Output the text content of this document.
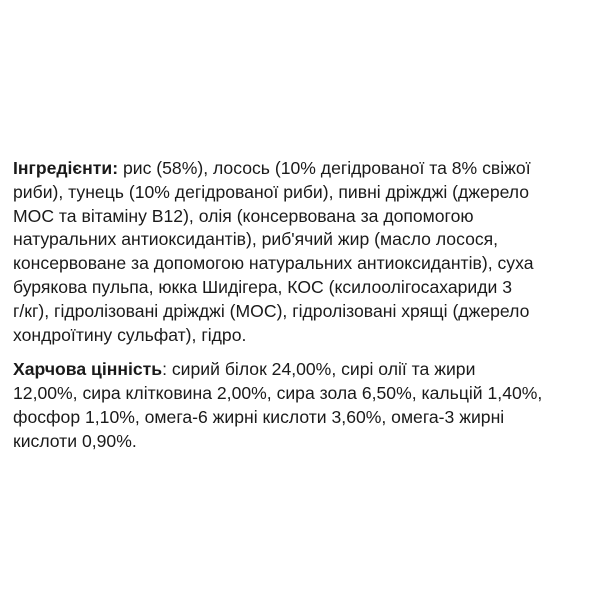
Інгредієнти: рис (58%), лосось (10% дегідрованої та 8% свіжої
риби), тунець (10% дегідрованої риби), пивні дріжджі (джерело
МОС та вітаміну В12), олія (консервована за допомогою
натуральних антиоксидантів), риб'ячий жир (масло лосося,
консервоване за допомогою натуральних антиоксидантів), суха
бурякова пульпа, юкка Шидігера, КОС (ксилоолігосахариди 3
г/кг), гідролізовані дріжджі (МОС), гідролізовані хрящі (джерело
хондроїтину сульфат), гідро.

Харчова цінність: сирий білок 24,00%, сирі олії та жири
12,00%, сира клітковина 2,00%, сира зола 6,50%, кальцій 1,40%,
фосфор 1,10%, омега-6 жирні кислоти 3,60%, омега-3 жирні
кислоти 0,90%.
